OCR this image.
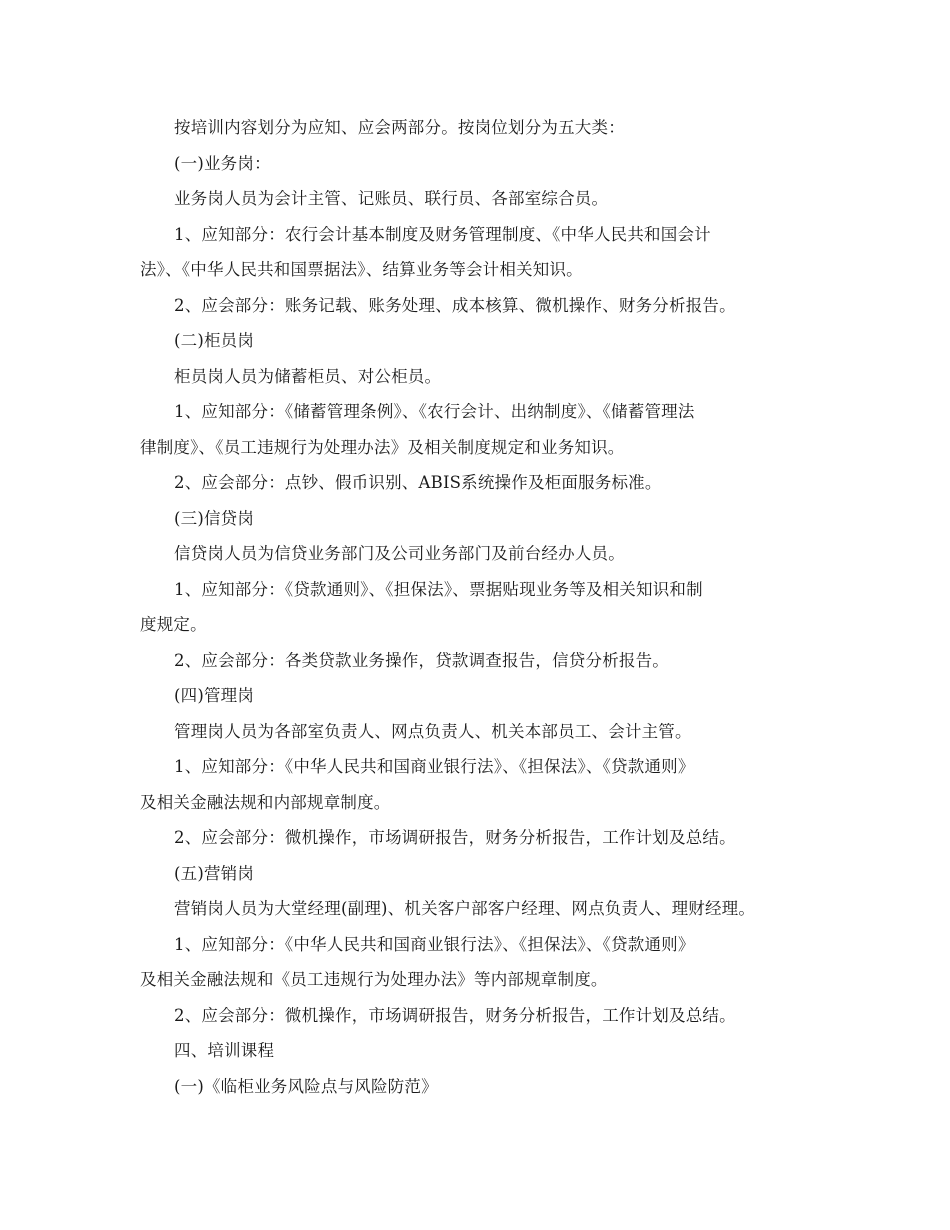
按培训内容划分为应知、应会两部分。按岗位划分为五大类：
(一)业务岗：
业务岗人员为会计主管、记账员、联行员、各部室综合员。
1、应知部分：农行会计基本制度及财务管理制度、《中华人民共和国会计
法》、《中华人民共和国票据法》、结算业务等会计相关知识。
2、应会部分：账务记载、账务处理、成本核算、微机操作、财务分析报告。
(二)柜员岗
柜员岗人员为储蓄柜员、对公柜员。
1、应知部分：《储蓄管理条例》、《农行会计、出纳制度》、《储蓄管理法
律制度》、《员工违规行为处理办法》及相关制度规定和业务知识。
2、应会部分：点钞、假币识别、ABIS系统操作及柜面服务标准。
(三)信贷岗
信贷岗人员为信贷业务部门及公司业务部门及前台经办人员。
1、应知部分：《贷款通则》、《担保法》、票据贴现业务等及相关知识和制
度规定。
2、应会部分：各类贷款业务操作，贷款调查报告，信贷分析报告。
(四)管理岗
管理岗人员为各部室负责人、网点负责人、机关本部员工、会计主管。
1、应知部分：《中华人民共和国商业银行法》、《担保法》、《贷款通则》
及相关金融法规和内部规章制度。
2、应会部分：微机操作，市场调研报告，财务分析报告，工作计划及总结。
(五)营销岗
营销岗人员为大堂经理(副理)、机关客户部客户经理、网点负责人、理财经理。
1、应知部分：《中华人民共和国商业银行法》、《担保法》、《贷款通则》
及相关金融法规和《员工违规行为处理办法》等内部规章制度。
2、应会部分：微机操作，市场调研报告，财务分析报告，工作计划及总结。
四、培训课程
(一)《临柜业务风险点与风险防范》
